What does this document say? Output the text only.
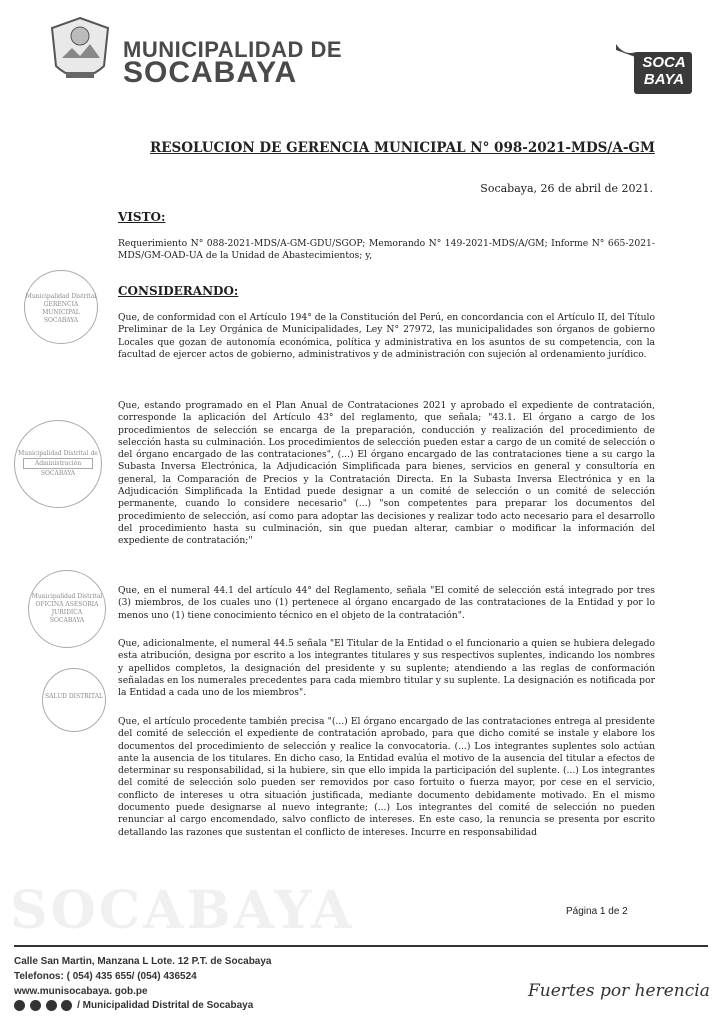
MUNICIPALIDAD DE
SOCABAYA	SOCA
BAYA
RESOLUCION DE GERENCIA MUNICIPAL N° 098-2021-MDS/A-GM
Socabaya, 26 de abril de 2021.
VISTO:
Requerimiento N° 088-2021-MDS/A-GM-GDU/SGOP; Memorando N° 149-2021-MDS/A/GM; Informe N° 665-2021-MDS/GM-OAD-UA de la Unidad de Abastecimientos; y,
CONSIDERANDO:
Que, de conformidad con el Artículo 194° de la Constitución del Perú, en concordancia con el Artículo II, del Título Preliminar de la Ley Orgánica de Municipalidades, Ley N° 27972, las municipalidades son órganos de gobierno Locales que gozan de autonomía económica, política y administrativa en los asuntos de su competencia, con la facultad de ejercer actos de gobierno, administrativos y de administración con sujeción al ordenamiento jurídico.
Que, estando programado en el Plan Anual de Contrataciones 2021 y aprobado el expediente de contratación, corresponde la aplicación del Artículo 43° del reglamento, que señala; "43.1. El órgano a cargo de los procedimientos de selección se encarga de la preparación, conducción y realización del procedimiento de selección hasta su culminación. Los procedimientos de selección pueden estar a cargo de un comité de selección o del órgano encargado de las contrataciones", (...) El órgano encargado de las contrataciones tiene a su cargo la Subasta Inversa Electrónica, la Adjudicación Simplificada para bienes, servicios en general y consultoría en general, la Comparación de Precios y la Contratación Directa. En la Subasta Inversa Electrónica y en la Adjudicación Simplificada la Entidad puede designar a un comité de selección o un comité de selección permanente, cuando lo considere necesario" (...) "son competentes para preparar los documentos del procedimiento de selección, así como para adoptar las decisiones y realizar todo acto necesario para el desarrollo del procedimiento hasta su culminación, sin que puedan alterar, cambiar o modificar la información del expediente de contratación;"
Que, en el numeral 44.1 del artículo 44° del Reglamento, señala "El comité de selección está integrado por tres (3) miembros, de los cuales uno (1) pertenece al órgano encargado de las contrataciones de la Entidad y por lo menos uno (1) tiene conocimiento técnico en el objeto de la contratación".
Que, adicionalmente, el numeral 44.5 señala "El Titular de la Entidad o el funcionario a quien se hubiera delegado esta atribución, designa por escrito a los integrantes titulares y sus respectivos suplentes, indicando los nombres y apellidos completos, la designación del presidente y su suplente; atendiendo a las reglas de conformación señaladas en los numerales precedentes para cada miembro titular y su suplente. La designación es notificada por la Entidad a cada uno de los miembros".
Que, el artículo procedente también precisa "(...) El órgano encargado de las contrataciones entrega al presidente del comité de selección el expediente de contratación aprobado, para que dicho comité se instale y elabore los documentos del procedimiento de selección y realice la convocatoria. (...) Los integrantes suplentes solo actúan ante la ausencia de los titulares. En dicho caso, la Entidad evalúa el motivo de la ausencia del titular a efectos de determinar su responsabilidad, si la hubiere, sin que ello impida la participación del suplente. (...) Los integrantes del comité de selección solo pueden ser removidos por caso fortuito o fuerza mayor, por cese en el servicio, conflicto de intereses u otra situación justificada, mediante documento debidamente motivado. En el mismo documento puede designarse al nuevo integrante; (...) Los integrantes del comité de selección no pueden renunciar al cargo encomendado, salvo conflicto de intereses. En este caso, la renuncia se presenta por escrito detallando las razones que sustentan el conflicto de intereses. Incurre en responsabilidad
Municipalidad Distrital
GERENCIA MUNICIPAL
SOCABAYA
Municipalidad Distrital de
Administración
SOCABAYA
Municipalidad Distrital
OFICINA ASESORIA JURIDICA
SOCABAYA
SALUD DISTRITAL
SOCABAYA	Página 1 de 2
Calle San Martin, Manzana L Lote. 12 P.T. de Socabaya
Telefonos: ( 054) 435 655/ (054) 436524
www.munisocabaya. gob.pe
/ Municipalidad Distrital de Socabaya
Fuertes por herencia
